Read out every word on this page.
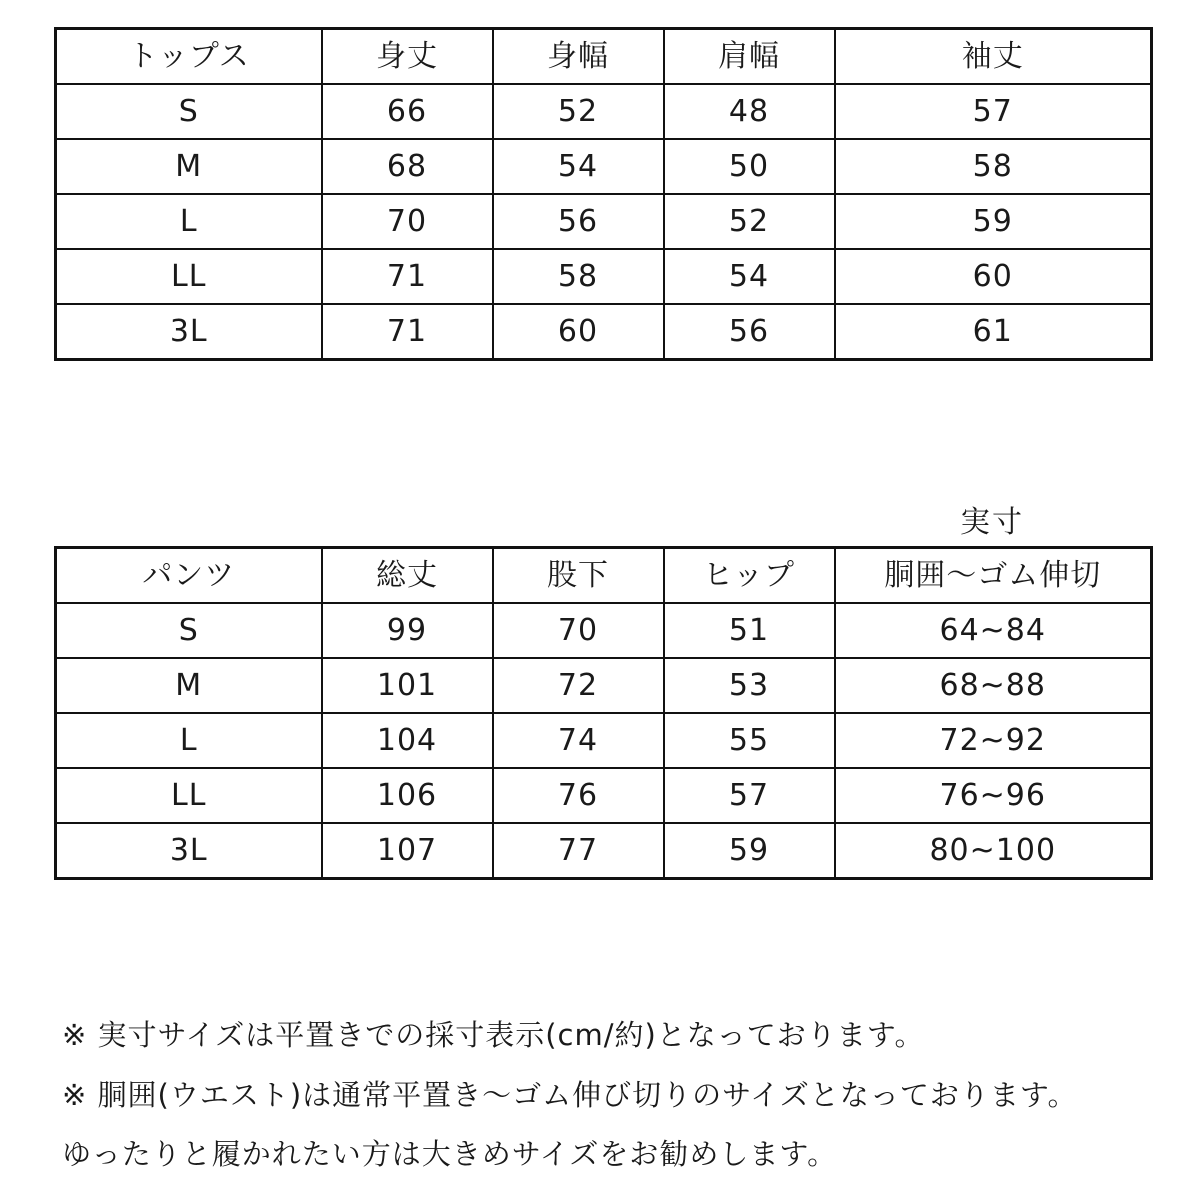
トップス	身丈	身幅	肩幅	袖丈
S	66	52	48	57
M	68	54	50	58
L	70	56	52	59
LL	71	58	54	60
3L	71	60	56	61
実寸
パンツ	総丈	股下	ヒップ	胴囲～ゴム伸切
S	99	70	51	64~84
M	101	72	53	68~88
L	104	74	55	72~92
LL	106	76	57	76~96
3L	107	77	59	80~100
※ 実寸サイズは平置きでの採寸表示(cm/約)となっております。
※ 胴囲(ウエスト)は通常平置き～ゴム伸び切りのサイズとなっております。
ゆったりと履かれたい方は大きめサイズをお勧めします。
